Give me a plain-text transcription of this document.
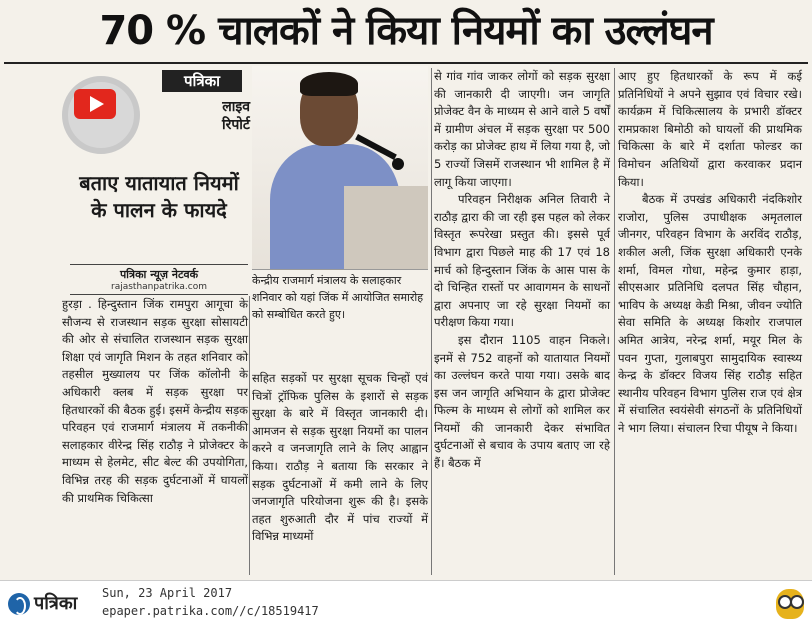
70 % चालकों ने किया नियमों का उल्लंघन
पत्रिका
लाइव
रिपोर्ट
बताए यातायात नियमों के पालन के फायदे
पत्रिका न्यूज़ नेटवर्क
rajasthanpatrika.com	केन्द्रीय राजमार्ग मंत्रालय के सलाहकार शनिवार को यहां जिंक में आयोजित समारोह को सम्बोधित करते हुए।

हुरड़ा . हिन्दुस्तान जिंक रामपुरा आगूचा के सौजन्य से राजस्थान सड़क सुरक्षा सोसायटी की ओर से संचालित राजस्थान सड़क सुरक्षा शिक्षा एवं जागृति मिशन के तहत शनिवार को तहसील मुख्यालय पर जिंक कॉलोनी के अधिकारी क्लब में सड़क सुरक्षा पर हितधारकों की बैठक हुई। इसमें केन्द्रीय सड़क परिवहन एवं राजमार्ग मंत्रालय में तकनीकी सलाहकार वीरेन्द्र सिंह राठौड़ ने प्रोजेक्टर के माध्यम से हेलमेट, सीट बेल्ट की उपयोगिता, विभिन्न तरह की सड़क दुर्घटनाओं में घायलों की प्राथमिक चिकित्सा

सहित सड़कों पर सुरक्षा सूचक चिन्हों एवं चित्रों ट्रॉफिक पुलिस के इशारों से सड़क सुरक्षा के बारे में विस्तृत जानकारी दी। आमजन से सड़क सुरक्षा नियमों का पालन करने व जनजागृति लाने के लिए आह्वान किया। राठौड़ ने बताया कि सरकार ने सड़क दुर्घटनाओं में कमी लाने के लिए जनजागृति परियोजना शुरू की है। इसके तहत शुरुआती दौर में पांच राज्यों में विभिन्न माध्यमों

से गांव गांव जाकर लोगों को सड़क सुरक्षा की जानकारी दी जाएगी। जन जागृति प्रोजेक्ट वैन के माध्यम से आने वाले 5 वर्षों में ग्रामीण अंचल में सड़क सुरक्षा पर 500 करोड़ का प्रोजेक्ट हाथ में लिया गया है, जो 5 राज्यों जिसमें राजस्थान भी शामिल है में लागू किया जाएगा।

परिवहन निरीक्षक अनिल तिवारी ने राठौड़ द्वारा की जा रही इस पहल को लेकर विस्तृत रूपरेखा प्रस्तुत की। इससे पूर्व विभाग द्वारा पिछले माह की 17 एवं 18 मार्च को हिन्दुस्तान जिंक के आस पास के दो चिन्हित रास्तों पर आवागमन के साधनों द्वारा अपनाए जा रहे सुरक्षा नियमों का परीक्षण किया गया।

इस दौरान 1105 वाहन निकले। इनमें से 752 वाहनों को यातायात नियमों का उल्लंघन करते पाया गया। उसके बाद इस जन जागृति अभियान के द्वारा प्रोजेक्ट फिल्म के माध्यम से लोगों को शामिल कर नियमों की जानकारी देकर संभावित दुर्घटनाओं से बचाव के उपाय बताए जा रहे हैं। बैठक में

आए हुए हितधारकों के रूप में कई प्रतिनिधियों ने अपने सुझाव एवं विचार रखे। कार्यक्रम में चिकित्सालय के प्रभारी डॉक्टर रामप्रकाश बिमोठी को घायलों की प्राथमिक चिकित्सा के बारे में दर्शाता फोल्डर का विमोचन अतिथियों द्वारा करवाकर प्रदान किया।

बैठक में उपखंड अधिकारी नंदकिशोर राजोरा, पुलिस उपाधीक्षक अमृतलाल जीनगर, परिवहन विभाग के अरविंद राठौड़, शकील अली, जिंक सुरक्षा अधिकारी एनके शर्मा, विमल गोधा, महेन्द्र कुमार हाड़ा, सीएसआर प्रतिनिधि दलपत सिंह चौहान, भाविप के अध्यक्ष केडी मिश्रा, जीवन ज्योति सेवा समिति के अध्यक्ष किशोर राजपाल अमित आत्रेय, नरेन्द्र शर्मा, मयूर मिल के पवन गुप्ता, गुलाबपुरा सामुदायिक स्वास्थ्य केन्द्र के डॉक्टर विजय सिंह राठौड़ सहित स्थानीय परिवहन विभाग पुलिस राज एवं क्षेत्र में संचालित स्वयंसेवी संगठनों के प्रतिनिधियों ने भाग लिया। संचालन रिचा पीयूष ने किया।

पत्रिका Sun, 23 April 2017
epaper.patrika.com/​/c/18519417
